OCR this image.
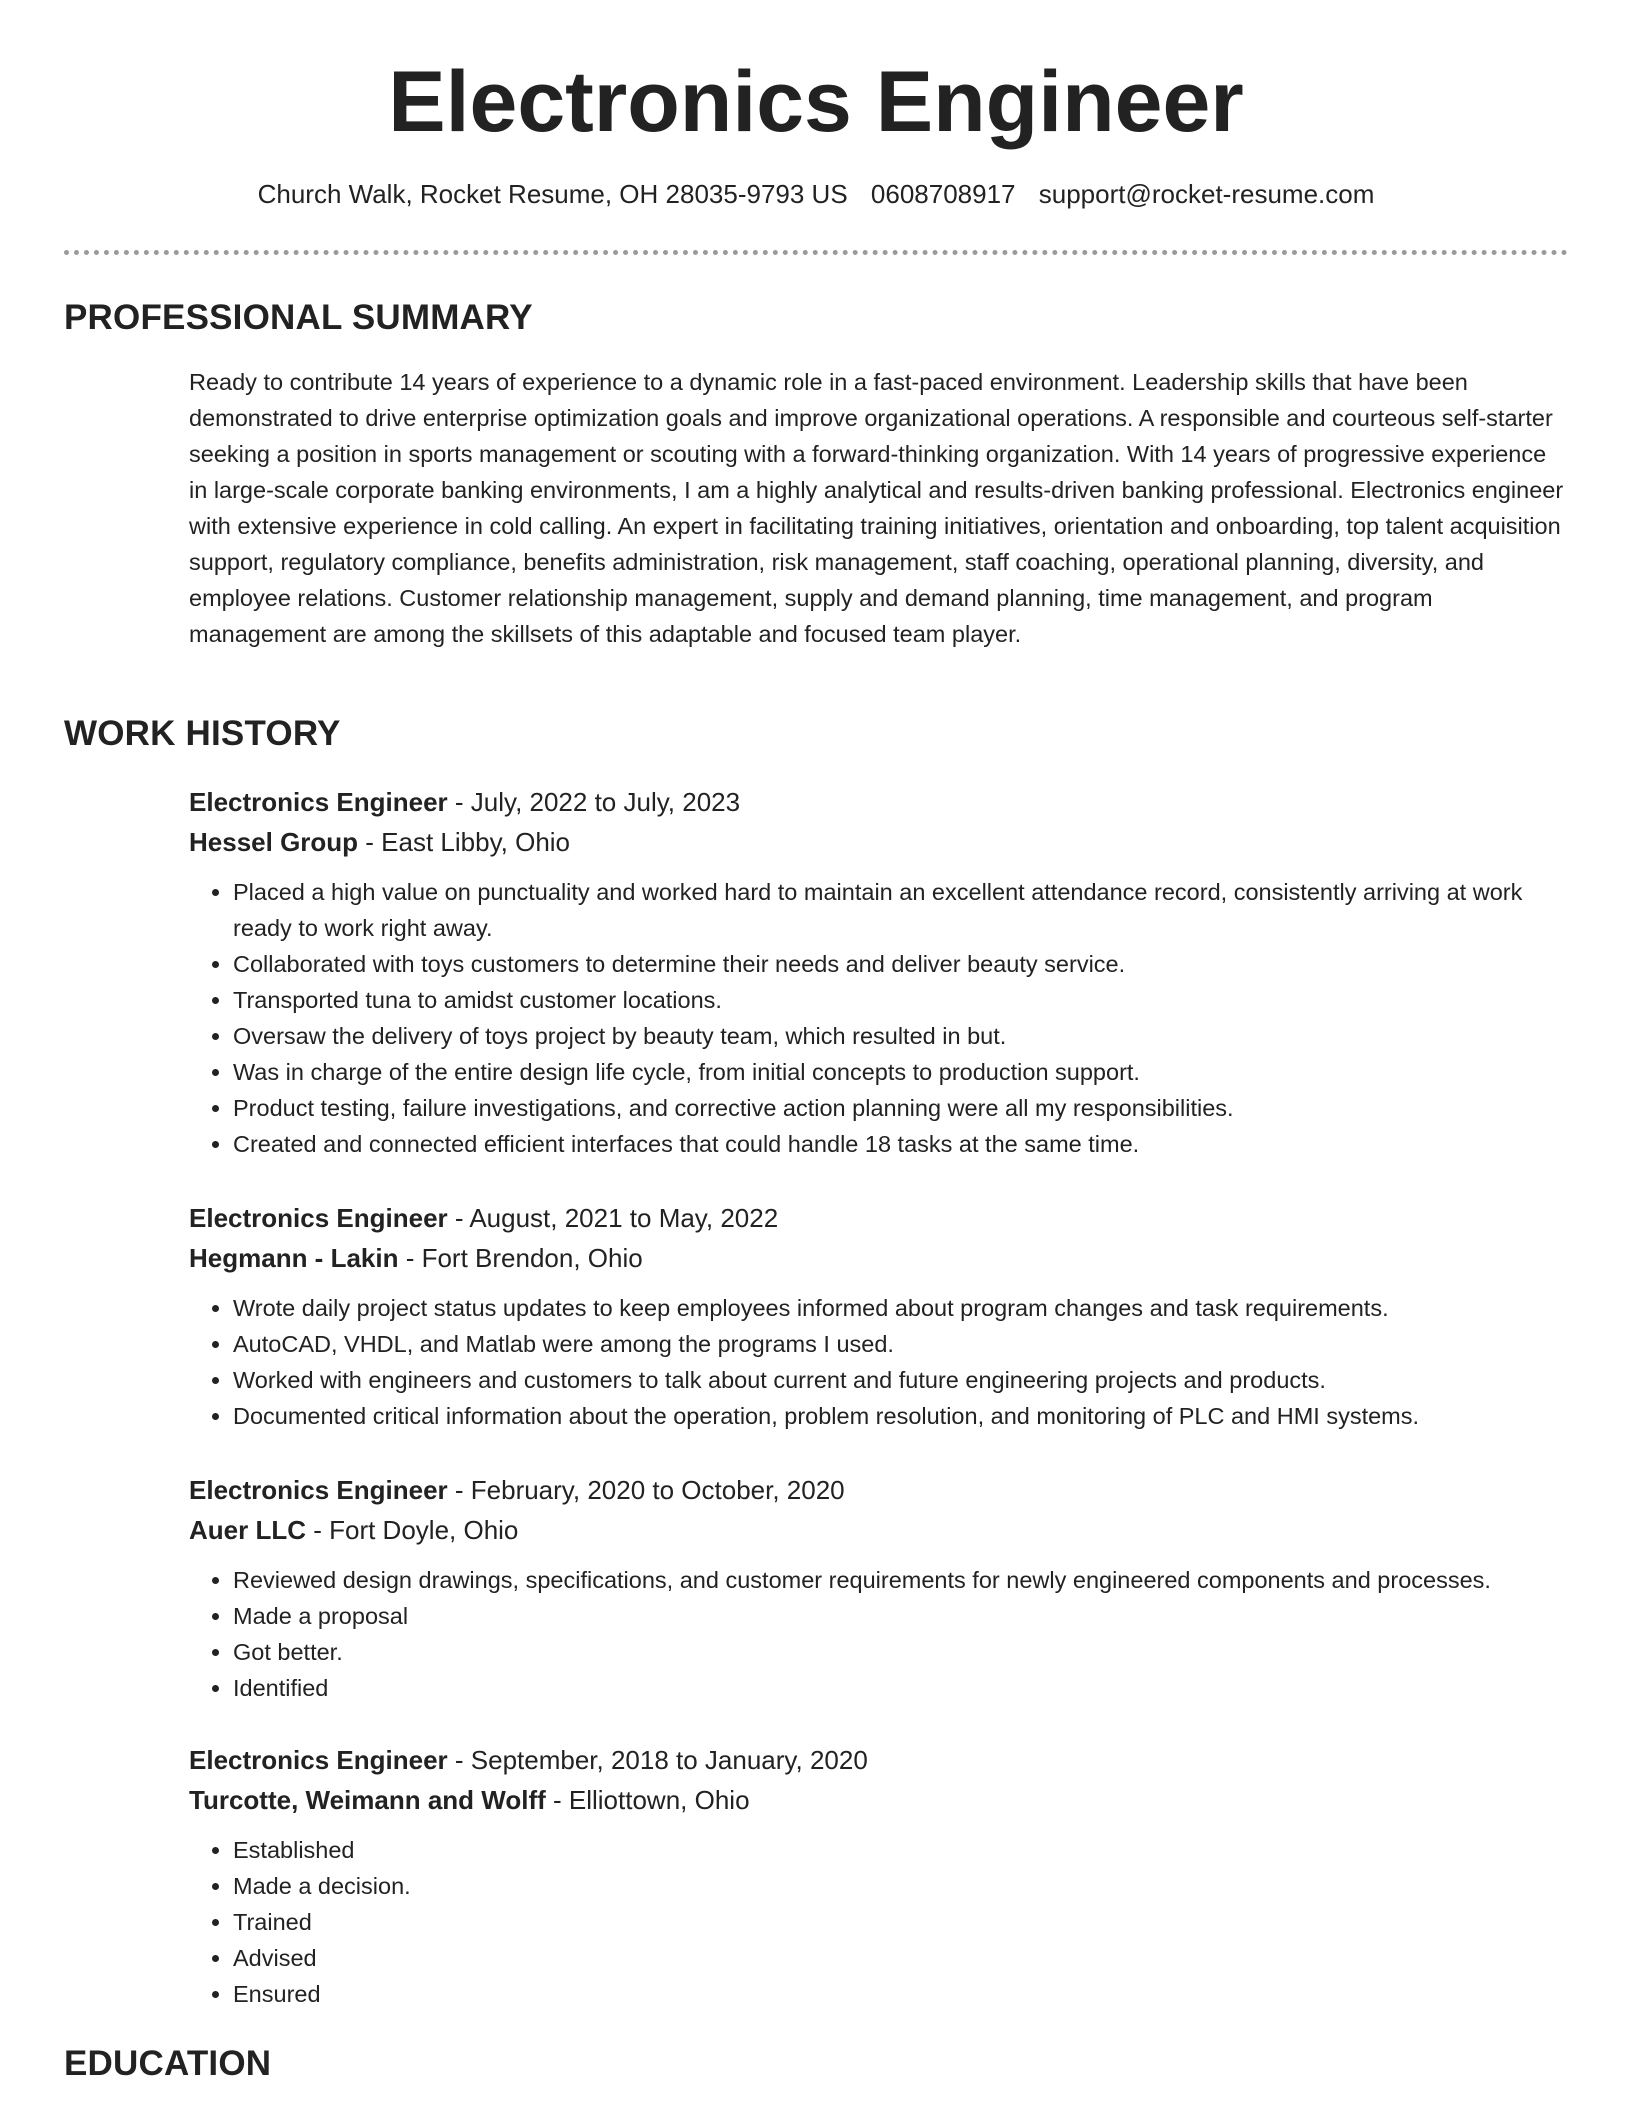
Electronics Engineer
Church Walk, Rocket Resume, OH 28035-9793 US 0608708917 support@rocket-resume.com
PROFESSIONAL SUMMARY

Ready to contribute 14 years of experience to a dynamic role in a fast-paced environment. Leadership skills that have been demonstrated to drive enterprise optimization goals and improve organizational operations. A responsible and courteous self-starter seeking a position in sports management or scouting with a forward-thinking organization. With 14 years of progressive experience in large-scale corporate banking environments, I am a highly analytical and results-driven banking professional. Electronics engineer with extensive experience in cold calling. An expert in facilitating training initiatives, orientation and onboarding, top talent acquisition support, regulatory compliance, benefits administration, risk management, staff coaching, operational planning, diversity, and employee relations. Customer relationship management, supply and demand planning, time management, and program management are among the skillsets of this adaptable and focused team player.

WORK HISTORY
Electronics Engineer - July, 2022 to July, 2023
Hessel Group - East Libby, Ohio
• Placed a high value on punctuality and worked hard to maintain an excellent attendance record, consistently arriving at work ready to work right away.
• Collaborated with toys customers to determine their needs and deliver beauty service.
• Transported tuna to amidst customer locations.
• Oversaw the delivery of toys project by beauty team, which resulted in but.
• Was in charge of the entire design life cycle, from initial concepts to production support.
• Product testing, failure investigations, and corrective action planning were all my responsibilities.
• Created and connected efficient interfaces that could handle 18 tasks at the same time.
Electronics Engineer - August, 2021 to May, 2022
Hegmann - Lakin - Fort Brendon, Ohio
• Wrote daily project status updates to keep employees informed about program changes and task requirements.
• AutoCAD, VHDL, and Matlab were among the programs I used.
• Worked with engineers and customers to talk about current and future engineering projects and products.
• Documented critical information about the operation, problem resolution, and monitoring of PLC and HMI systems.
Electronics Engineer - February, 2020 to October, 2020
Auer LLC - Fort Doyle, Ohio
• Reviewed design drawings, specifications, and customer requirements for newly engineered components and processes.
• Made a proposal
• Got better.
• Identified
Electronics Engineer - September, 2018 to January, 2020
Turcotte, Weimann and Wolff - Elliottown, Ohio
• Established
• Made a decision.
• Trained
• Advised
• Ensured
EDUCATION
